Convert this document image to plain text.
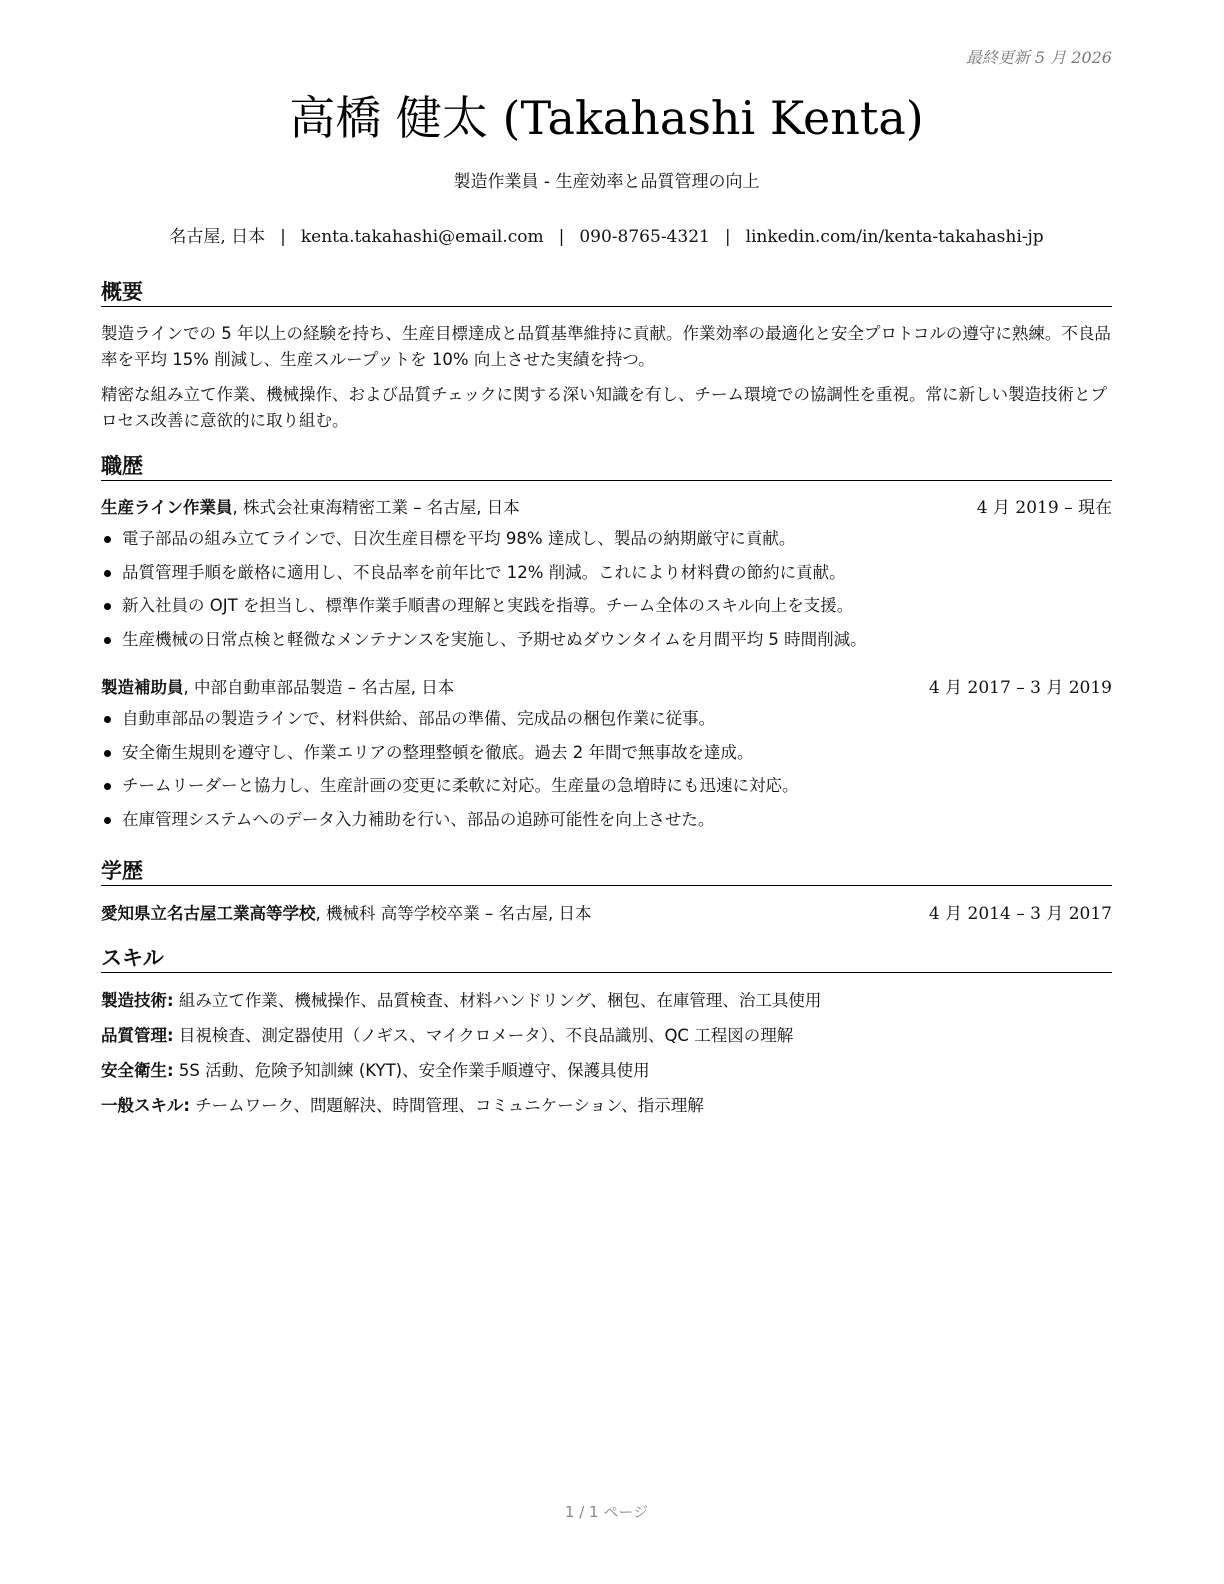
最終更新 5 月 2026
高橋 健太 (Takahashi Kenta)
製造作業員 - 生産効率と品質管理の向上
名古屋, 日本 | kenta.takahashi@email.com | 090-8765-4321 | linkedin.com/in/kenta-takahashi-jp
概要

製造ラインでの 5 年以上の経験を持ち、生産目標達成と品質基準維持に貢献。作業効率の最適化と安全プロトコルの遵守に熟練。不良品率を平均 15% 削減し、生産スループットを 10% 向上させた実績を持つ。

精密な組み立て作業、機械操作、および品質チェックに関する深い知識を有し、チーム環境での協調性を重視。常に新しい製造技術とプロセス改善に意欲的に取り組む。

職歴
生産ライン作業員, 株式会社東海精密工業 – 名古屋, 日本	4 月 2019 – 現在
電子部品の組み立てラインで、日次生産目標を平均 98% 達成し、製品の納期厳守に貢献。
品質管理手順を厳格に適用し、不良品率を前年比で 12% 削減。これにより材料費の節約に貢献。
新入社員の OJT を担当し、標準作業手順書の理解と実践を指導。チーム全体のスキル向上を支援。
生産機械の日常点検と軽微なメンテナンスを実施し、予期せぬダウンタイムを月間平均 5 時間削減。
製造補助員, 中部自動車部品製造 – 名古屋, 日本	4 月 2017 – 3 月 2019
自動車部品の製造ラインで、材料供給、部品の準備、完成品の梱包作業に従事。
安全衛生規則を遵守し、作業エリアの整理整頓を徹底。過去 2 年間で無事故を達成。
チームリーダーと協力し、生産計画の変更に柔軟に対応。生産量の急増時にも迅速に対応。
在庫管理システムへのデータ入力補助を行い、部品の追跡可能性を向上させた。
学歴
愛知県立名古屋工業高等学校, 機械科 高等学校卒業 – 名古屋, 日本	4 月 2014 – 3 月 2017
スキル
製造技術: 組み立て作業、機械操作、品質検査、材料ハンドリング、梱包、在庫管理、治工具使用
品質管理: 目視検査、測定器使用（ノギス、マイクロメータ）、不良品識別、QC 工程図の理解
安全衛生: 5S 活動、危険予知訓練 (KYT)、安全作業手順遵守、保護具使用
一般スキル: チームワーク、問題解決、時間管理、コミュニケーション、指示理解
1 / 1 ページ
